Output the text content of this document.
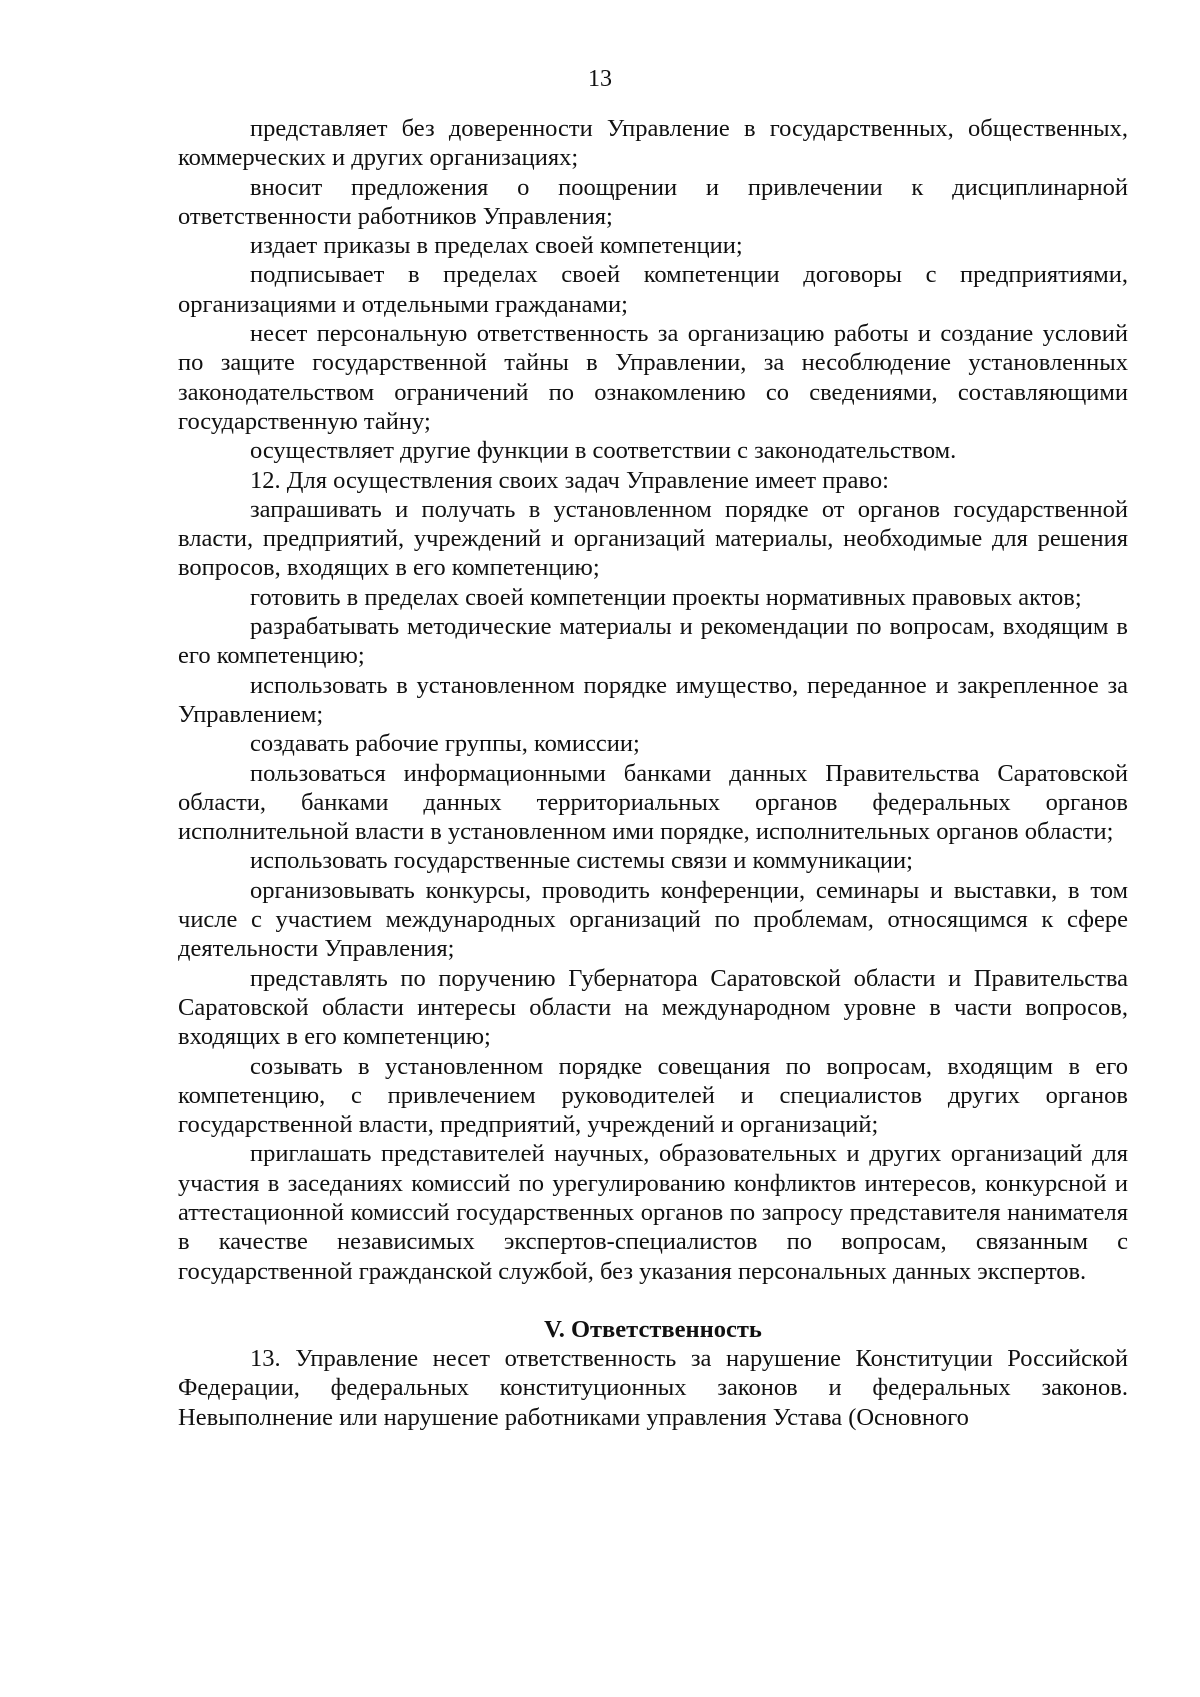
13

представляет без доверенности Управление в государственных, общественных, коммерческих и других организациях;

вносит предложения о поощрении и привлечении к дисциплинарной ответственности работников Управления;

издает приказы в пределах своей компетенции;

подписывает в пределах своей компетенции договоры с предприятиями, организациями и отдельными гражданами;

несет персональную ответственность за организацию работы и создание условий по защите государственной тайны в Управлении, за несоблюдение установленных законодательством ограничений по ознакомлению со сведениями, составляющими государственную тайну;

осуществляет другие функции в соответствии с законодательством.

12. Для осуществления своих задач Управление имеет право:

запрашивать и получать в установленном порядке от органов государственной власти, предприятий, учреждений и организаций материалы, необходимые для решения вопросов, входящих в его компетенцию;

готовить в пределах своей компетенции проекты нормативных правовых актов;

разрабатывать методические материалы и рекомендации по вопросам, входящим в его компетенцию;

использовать в установленном порядке имущество, переданное и закрепленное за Управлением;

создавать рабочие группы, комиссии;

пользоваться информационными банками данных Правительства Саратовской области, банками данных территориальных органов федеральных органов исполнительной власти в установленном ими порядке, исполнительных органов области;

использовать государственные системы связи и коммуникации;

организовывать конкурсы, проводить конференции, семинары и выставки, в том числе с участием международных организаций по проблемам, относящимся к сфере деятельности Управления;

представлять по поручению Губернатора Саратовской области и Правительства Саратовской области интересы области на международном уровне в части вопросов, входящих в его компетенцию;

созывать в установленном порядке совещания по вопросам, входящим в его компетенцию, с привлечением руководителей и специалистов других органов государственной власти, предприятий, учреждений и организаций;

приглашать представителей научных, образовательных и других организаций для участия в заседаниях комиссий по урегулированию конфликтов интересов, конкурсной и аттестационной комиссий государственных органов по запросу представителя нанимателя в качестве независимых экспертов-специалистов по вопросам, связанным с государственной гражданской службой, без указания персональных данных экспертов.

V. Ответственность

13. Управление несет ответственность за нарушение Конституции Российской Федерации, федеральных конституционных законов и федеральных законов. Невыполнение или нарушение работниками управления Устава (Основного
